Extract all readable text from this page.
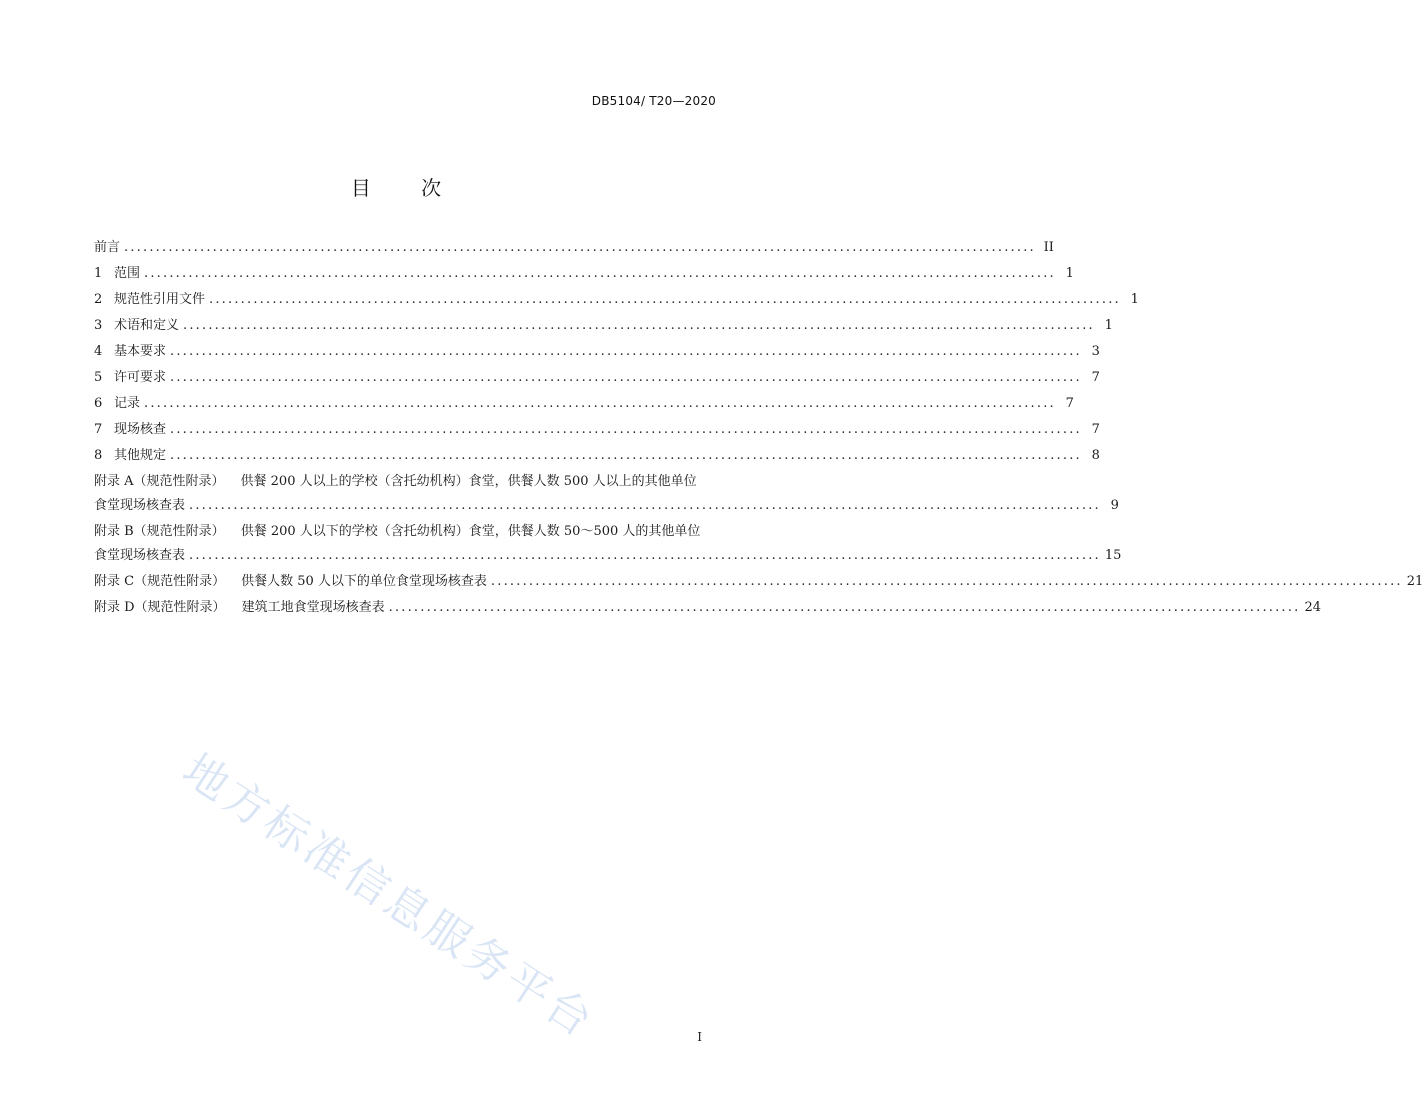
DB5104/ T20—2020
目 次
前言 ................................................................................................................................................ II
1 范围 ................................................................................................................................................ 1
2 规范性引用文件 ................................................................................................................................................ 1
3 术语和定义 ................................................................................................................................................ 1
4 基本要求 ................................................................................................................................................ 3
5 许可要求 ................................................................................................................................................ 7
6 记录 ................................................................................................................................................ 7
7 现场核查 ................................................................................................................................................ 7
8 其他规定 ................................................................................................................................................ 8
附录 A（规范性附录） 供餐 200 人以上的学校（含托幼机构）食堂，供餐人数 500 人以上的其他单位
食堂现场核查表 ................................................................................................................................................ 9
附录 B（规范性附录） 供餐 200 人以下的学校（含托幼机构）食堂，供餐人数 50～500 人的其他单位
食堂现场核查表 ................................................................................................................................................ 15
附录 C（规范性附录） 供餐人数 50 人以下的单位食堂现场核查表 ................................................................................................................................................ 21
附录 D（规范性附录） 建筑工地食堂现场核查表 ................................................................................................................................................ 24
地方标准信息服务平台	I
